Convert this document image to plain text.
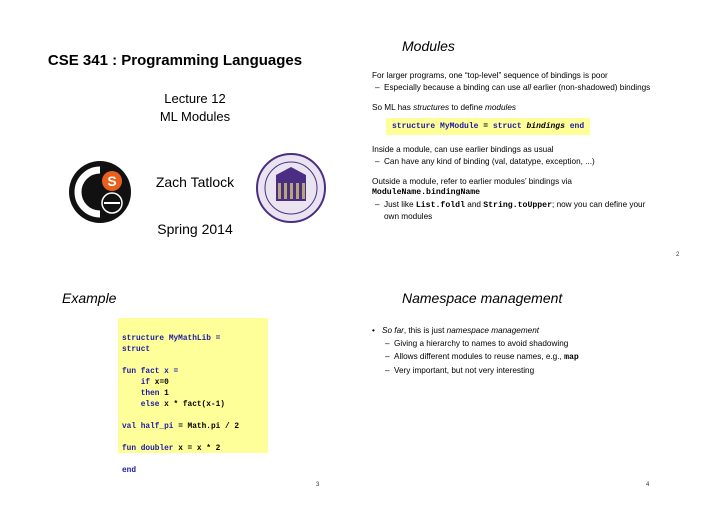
CSE 341 : Programming Languages
Lecture 12
ML Modules
S	Zach Tatlock
Spring 2014
Modules
For larger programs, one “top-level” sequence of bindings is poor
– Especially because a binding can use all earlier (non-shadowed) bindings
So ML has structures to define modules
structure MyModule = struct bindings end
Inside a module, can use earlier bindings as usual
– Can have any kind of binding (val, datatype, exception, ...)
Outside a module, refer to earlier modules’ bindings via
ModuleName.bindingName
– Just like List.foldl and String.toUpper; now you can define your own modules
2
Example

structure MyMathLib =
struct

fun fact x =
if x=0
then 1
else x * fact(x-1)

val half_pi = Math.pi / 2

fun doubler x = x * 2

end
3
Namespace management
• So far, this is just namespace management
– Giving a hierarchy to names to avoid shadowing
– Allows different modules to reuse names, e.g., map
– Very important, but not very interesting
4
